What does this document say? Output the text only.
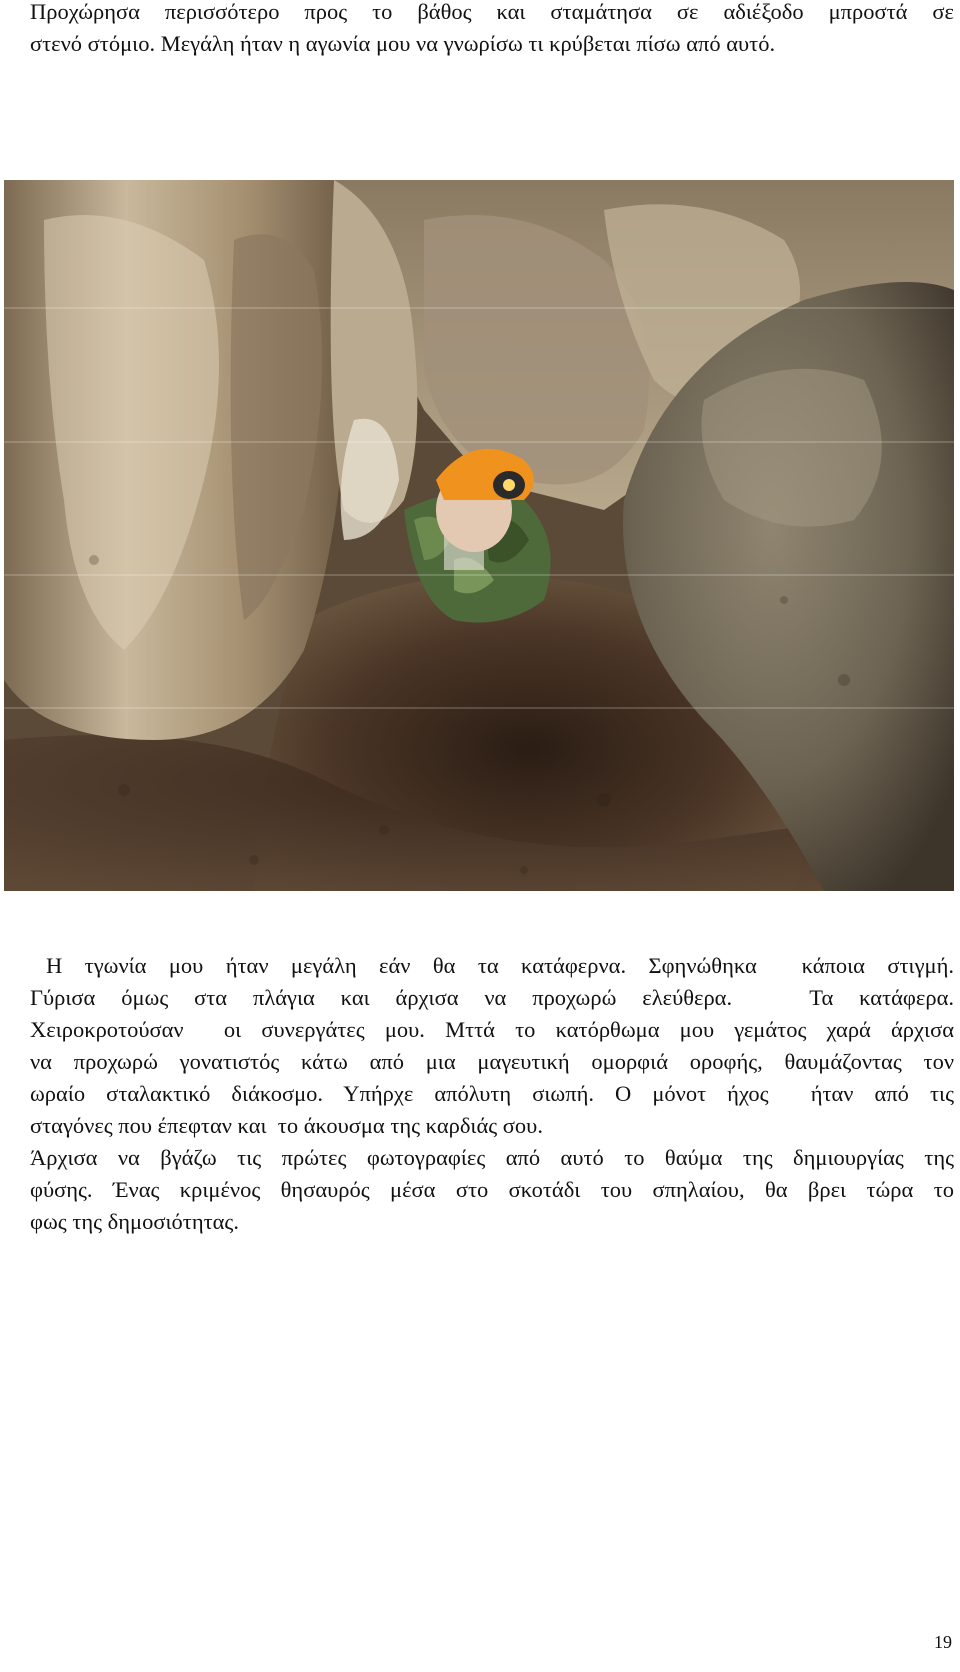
Προχώρησα περισσότερο προς το βάθος και σταμάτησα σε αδιέξοδο μπροστά σε
στενό στόμιο. Μεγάλη ήταν η αγωνία μου να γνωρίσω τι κρύβεται πίσω από αυτό.

Η τγωνία μου ήταν μεγάλη εάν θα τα κατάφερνα. Σφηνώθηκα  κάποια στιγμή.
Γύρισα όμως στα πλάγια και άρχισα να προχωρώ ελεύθερα.   Τα κατάφερα.
Χειροκροτούσαν  οι συνεργάτες μου. Μττά το κατόρθωμα μου γεμάτος χαρά άρχισα
να προχωρώ γονατιστός κάτω από μια μαγευτική ομορφιά οροφής, θαυμάζοντας τον
ωραίο σταλακτικό διάκοσμο. Υπήρχε απόλυτη σιωπή. Ο μόνοτ ήχος  ήταν από τις
σταγόνες που έπεφταν και  το άκουσμα της καρδιάς σου.
Άρχισα να βγάζω τις πρώτες φωτογραφίες από αυτό το θαύμα της δημιουργίας της
φύσης. Ένας κριμένος θησαυρός μέσα στο σκοτάδι του σπηλαίου, θα βρει τώρα το
φως της δημοσιότητας.

19
